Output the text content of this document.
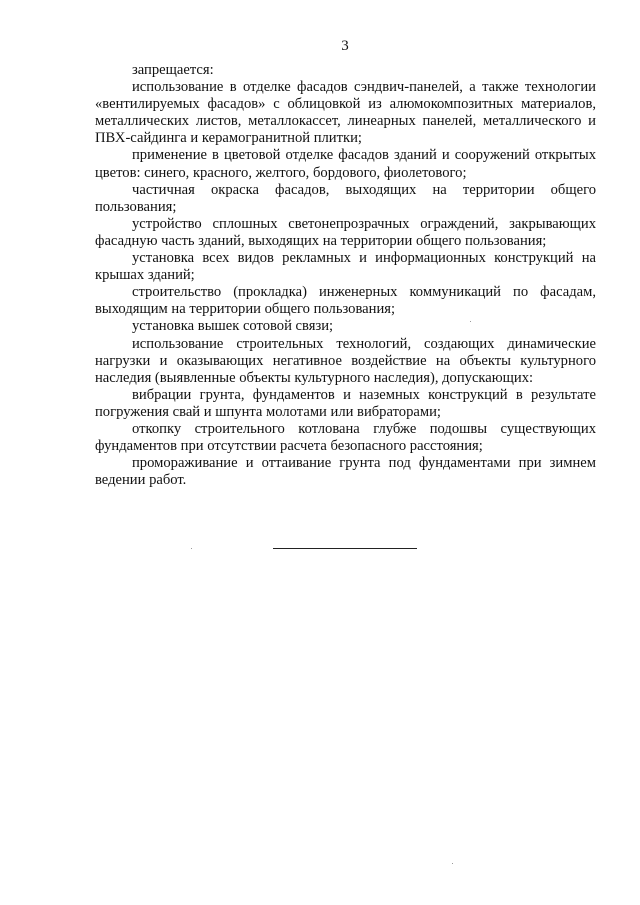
3

запрещается:

использование в отделке фасадов сэндвич-панелей, а также технологии «вентилируемых фасадов» с облицовкой из алюмокомпозитных материалов, металлических листов, металлокассет, линеарных панелей, металлического и ПВХ-сайдинга и керамогранитной плитки;

применение в цветовой отделке фасадов зданий и сооружений открытых цветов: синего, красного, желтого, бордового, фиолетового;

частичная окраска фасадов, выходящих на территории общего пользования;

устройство сплошных светонепрозрачных ограждений, закрывающих фасадную часть зданий, выходящих на территории общего пользования;

установка всех видов рекламных и информационных конструкций на крышах зданий;

строительство (прокладка) инженерных коммуникаций по фасадам, выходящим на территории общего пользования;

установка вышек сотовой связи;

использование строительных технологий, создающих динамические нагрузки и оказывающих негативное воздействие на объекты культурного наследия (выявленные объекты культурного наследия), допускающих:

вибрации грунта, фундаментов и наземных конструкций в результате погружения свай и шпунта молотами или вибраторами;

откопку строительного котлована глубже подошвы существующих фундаментов при отсутствии расчета безопасного расстояния;

промораживание и оттаивание грунта под фундаментами при зимнем ведении работ.
